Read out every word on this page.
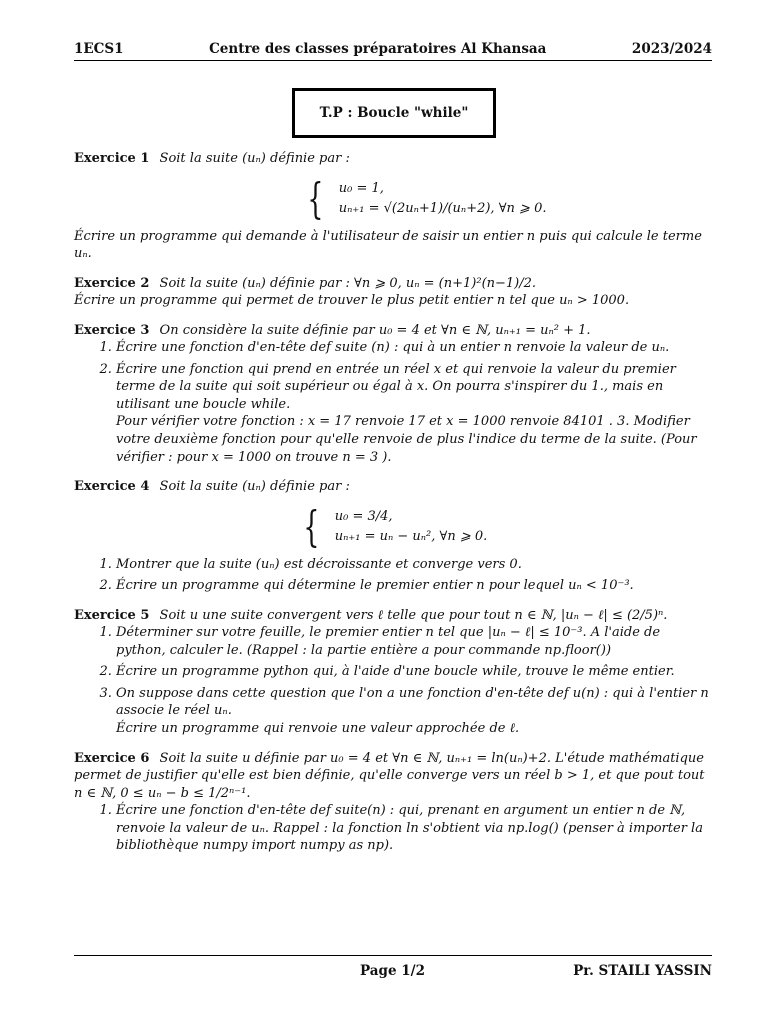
1ECS1	Centre des classes préparatoires Al Khansaa	2023/2024
T.P : Boucle "while"
Exercice 1 Soit la suite (uₙ) définie par :
{ u₀ = 1,
uₙ₊₁ = √(2uₙ+1)/(uₙ+2), ∀n ⩾ 0.
Écrire un programme qui demande à l'utilisateur de saisir un entier n puis qui calcule le terme uₙ.
Exercice 2 Soit la suite (uₙ) définie par : ∀n ⩾ 0, uₙ = (n+1)²(n−1)/2.
Écrire un programme qui permet de trouver le plus petit entier n tel que uₙ > 1000.
Exercice 3 On considère la suite définie par u₀ = 4 et ∀n ∈ ℕ, uₙ₊₁ = uₙ² + 1.
1. Écrire une fonction d'en-tête def suite (n) : qui à un entier n renvoie la valeur de uₙ.
2. Écrire une fonction qui prend en entrée un réel x et qui renvoie la valeur du premier terme de la suite qui soit supérieur ou égal à x. On pourra s'inspirer du 1., mais en utilisant une boucle while.
Pour vérifier votre fonction : x = 17 renvoie 17 et x = 1000 renvoie 84101 . 3. Modifier votre deuxième fonction pour qu'elle renvoie de plus l'indice du terme de la suite. (Pour vérifier : pour x = 1000 on trouve n = 3 ).
Exercice 4 Soit la suite (uₙ) définie par :
{ u₀ = 3/4,
uₙ₊₁ = uₙ − uₙ², ∀n ⩾ 0.
1. Montrer que la suite (uₙ) est décroissante et converge vers 0.
2. Écrire un programme qui détermine le premier entier n pour lequel uₙ < 10⁻³.
Exercice 5 Soit u une suite convergent vers ℓ telle que pour tout n ∈ ℕ, |uₙ − ℓ| ≤ (2/5)ⁿ.
1. Déterminer sur votre feuille, le premier entier n tel que |uₙ − ℓ| ≤ 10⁻³. A l'aide de python, calculer le. (Rappel : la partie entière a pour commande np.floor())
2. Écrire un programme python qui, à l'aide d'une boucle while, trouve le même entier.
3. On suppose dans cette question que l'on a une fonction d'en-tête def u(n) : qui à l'entier n associe le réel uₙ.
Écrire un programme qui renvoie une valeur approchée de ℓ.
Exercice 6 Soit la suite u définie par u₀ = 4 et ∀n ∈ ℕ, uₙ₊₁ = ln(uₙ)+2. L'étude mathématique permet de justifier qu'elle est bien définie, qu'elle converge vers un réel b > 1, et que pout tout n ∈ ℕ, 0 ≤ uₙ − b ≤ 1/2ⁿ⁻¹.
1. Écrire une fonction d'en-tête def suite(n) : qui, prenant en argument un entier n de ℕ, renvoie la valeur de uₙ. Rappel : la fonction ln s'obtient via np.log() (penser à importer la bibliothèque numpy import numpy as np).
Page 1/2	Pr. STAILI YASSIN
